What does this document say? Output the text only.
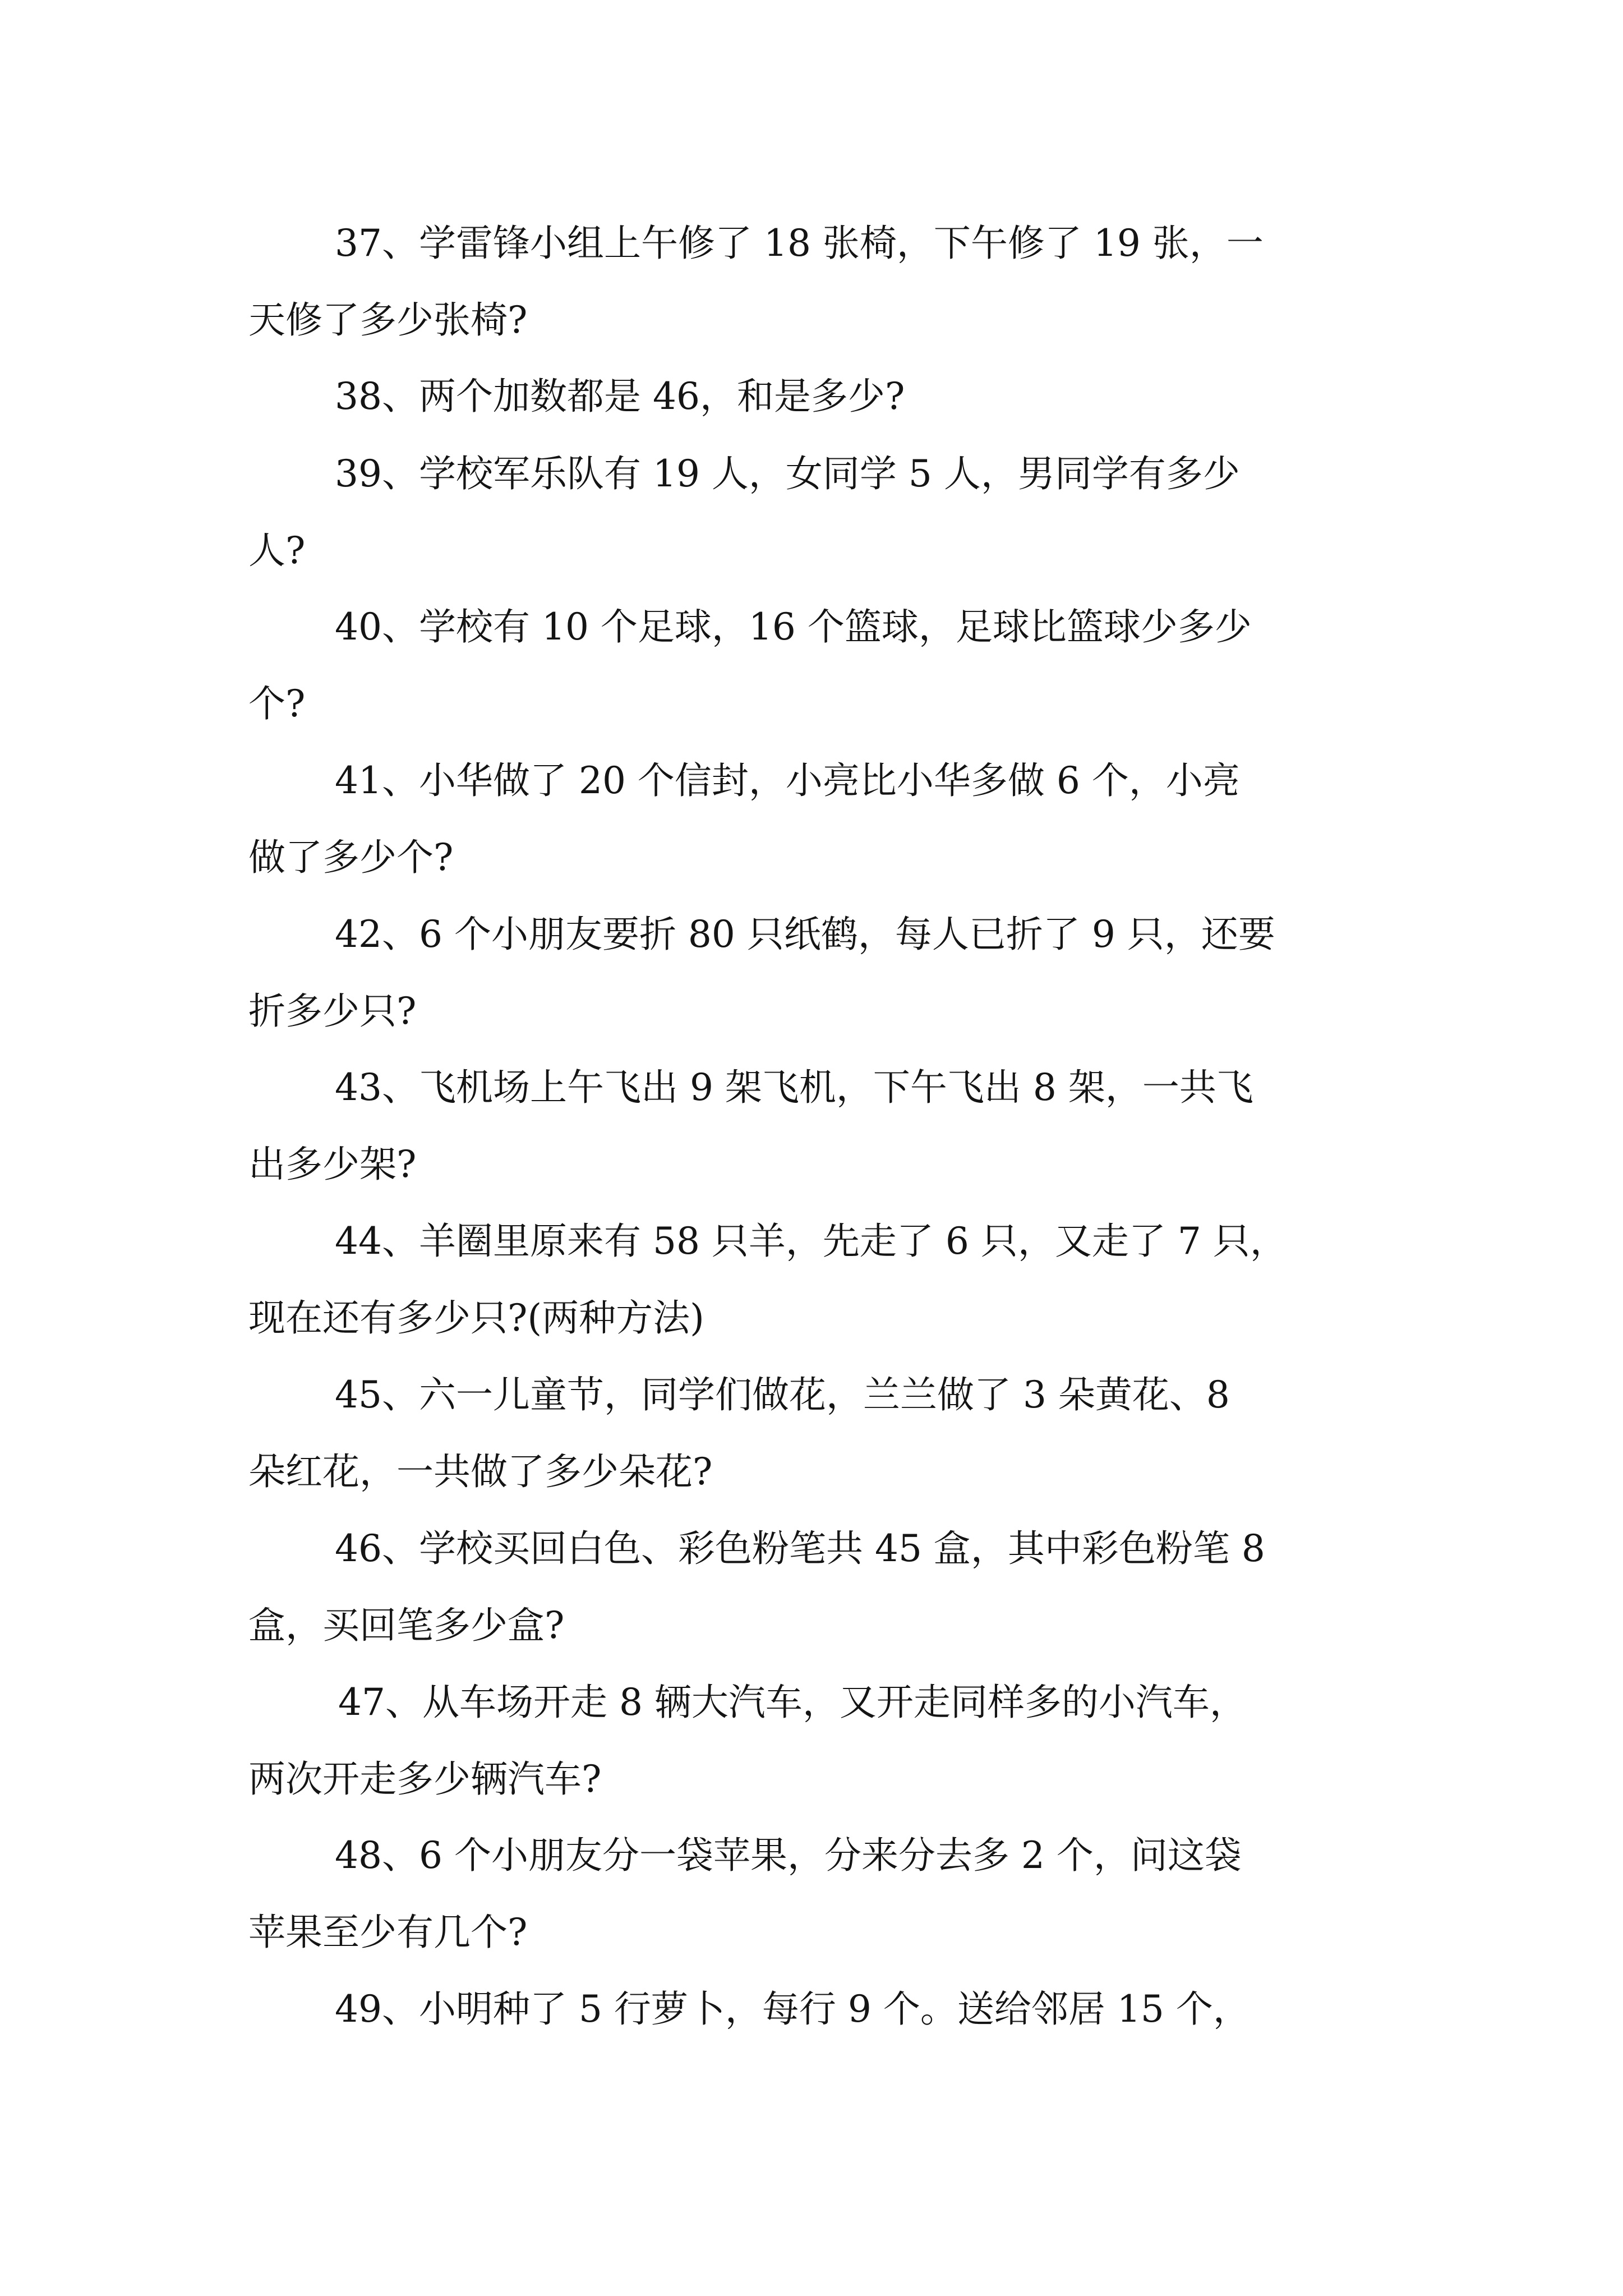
37、学雷锋小组上午修了 18 张椅，下午修了 19 张，一
天修了多少张椅?
38、两个加数都是 46，和是多少?
39、学校军乐队有 19 人，女同学 5 人，男同学有多少
人?
40、学校有 10 个足球，16 个篮球，足球比篮球少多少
个?
41、小华做了 20 个信封，小亮比小华多做 6 个，小亮
做了多少个?
42、6 个小朋友要折 80 只纸鹤，每人已折了 9 只，还要
折多少只?
43、飞机场上午飞出 9 架飞机，下午飞出 8 架，一共飞
出多少架?
44、羊圈里原来有 58 只羊，先走了 6 只，又走了 7 只，
现在还有多少只?(两种方法)
45、六一儿童节，同学们做花，兰兰做了 3 朵黄花、8
朵红花，一共做了多少朵花?
46、学校买回白色、彩色粉笔共 45 盒，其中彩色粉笔 8
盒，买回笔多少盒?
47、从车场开走 8 辆大汽车，又开走同样多的小汽车，
两次开走多少辆汽车?
48、6 个小朋友分一袋苹果，分来分去多 2 个，问这袋
苹果至少有几个?
49、小明种了 5 行萝卜，每行 9 个。送给邻居 15 个，
